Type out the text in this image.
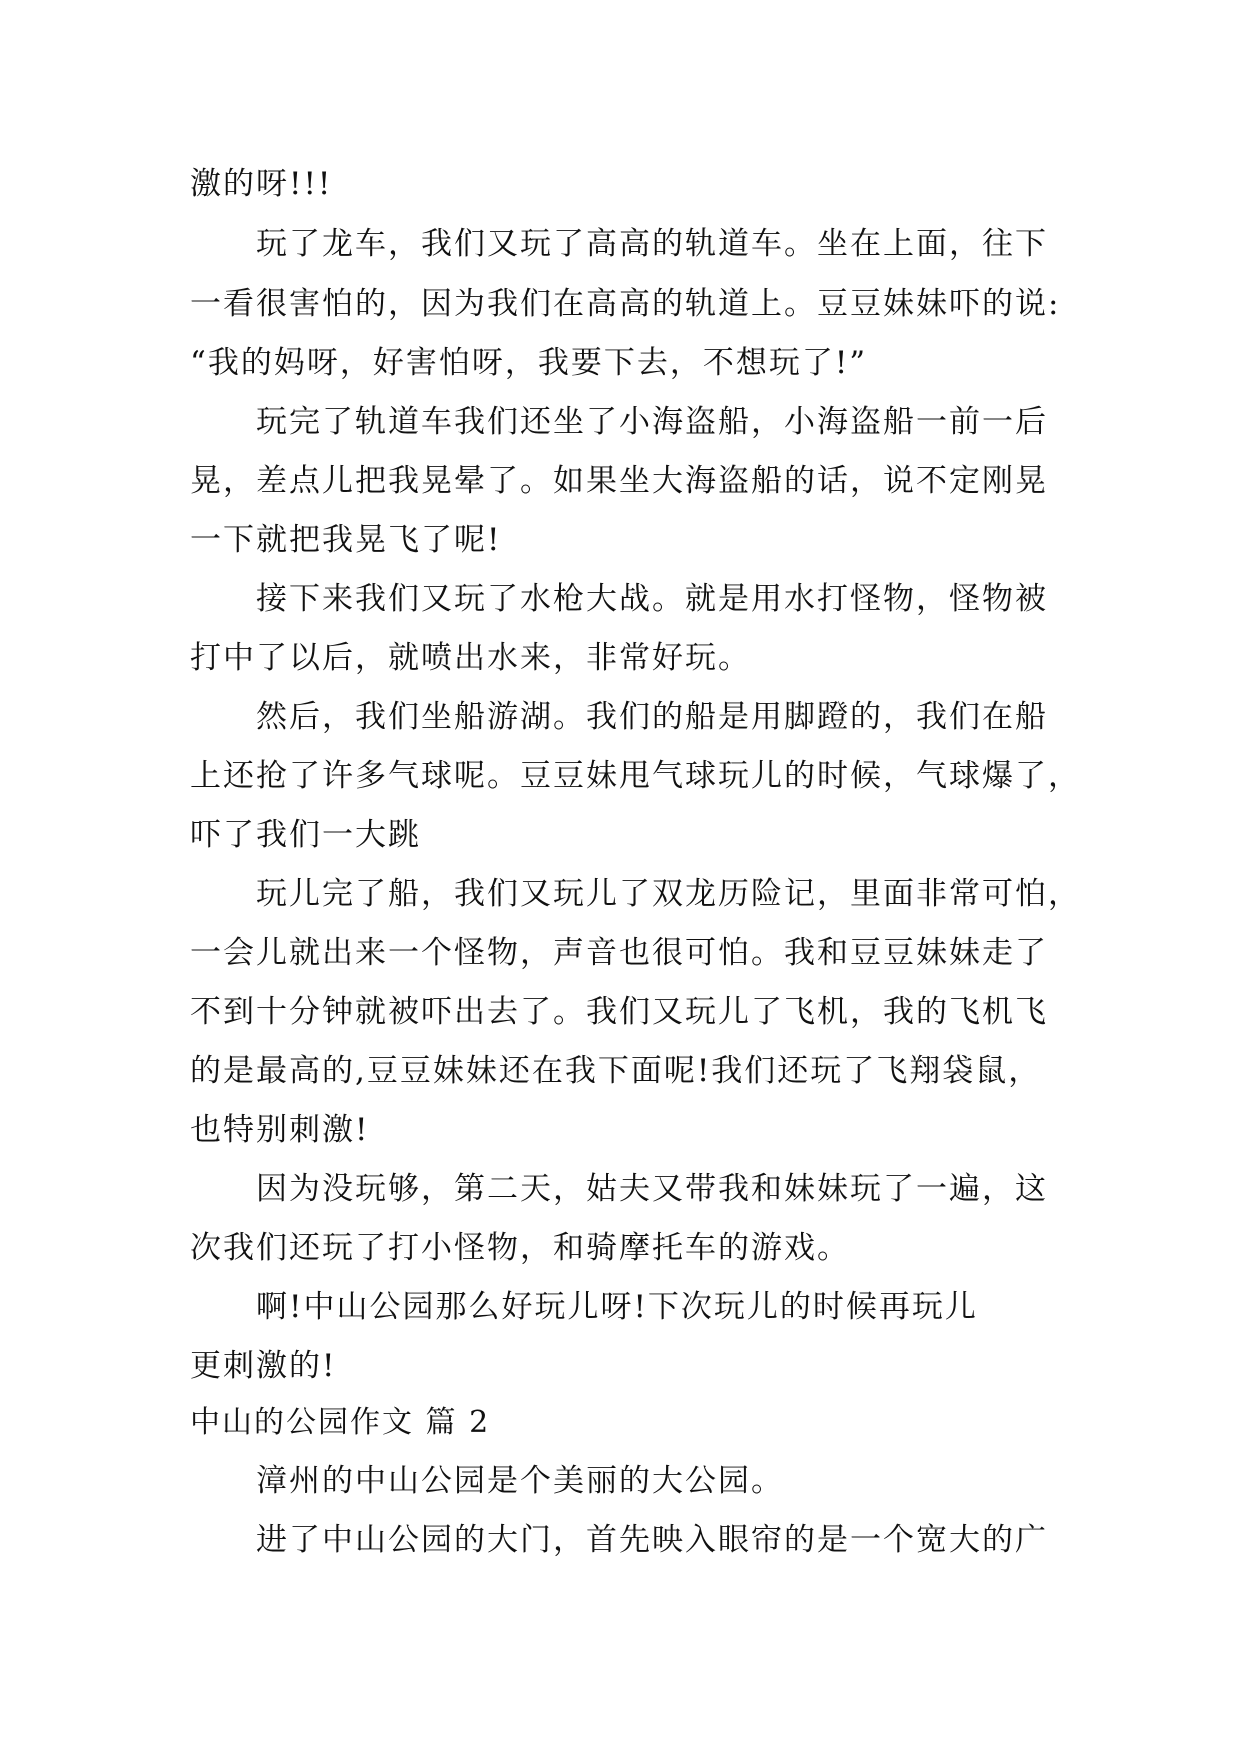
激的呀!!!
玩了龙车，我们又玩了高高的轨道车。坐在上面，往下
一看很害怕的，因为我们在高高的轨道上。豆豆妹妹吓的说:
“我的妈呀，好害怕呀，我要下去，不想玩了!”
玩完了轨道车我们还坐了小海盗船，小海盗船一前一后
晃，差点儿把我晃晕了。如果坐大海盗船的话，说不定刚晃
一下就把我晃飞了呢!
接下来我们又玩了水枪大战。就是用水打怪物，怪物被
打中了以后，就喷出水来，非常好玩。
然后，我们坐船游湖。我们的船是用脚蹬的，我们在船
上还抢了许多气球呢。豆豆妹甩气球玩儿的时候，气球爆了，
吓了我们一大跳
玩儿完了船，我们又玩儿了双龙历险记，里面非常可怕，
一会儿就出来一个怪物，声音也很可怕。我和豆豆妹妹走了
不到十分钟就被吓出去了。我们又玩儿了飞机，我的飞机飞
的是最高的,豆豆妹妹还在我下面呢!我们还玩了飞翔袋鼠，
也特别刺激!
因为没玩够，第二天，姑夫又带我和妹妹玩了一遍，这
次我们还玩了打小怪物，和骑摩托车的游戏。
啊!中山公园那么好玩儿呀!下次玩儿的时候再玩儿
更刺激的!
中山的公园作文 篇 2
漳州的中山公园是个美丽的大公园。
进了中山公园的大门，首先映入眼帘的是一个宽大的广
